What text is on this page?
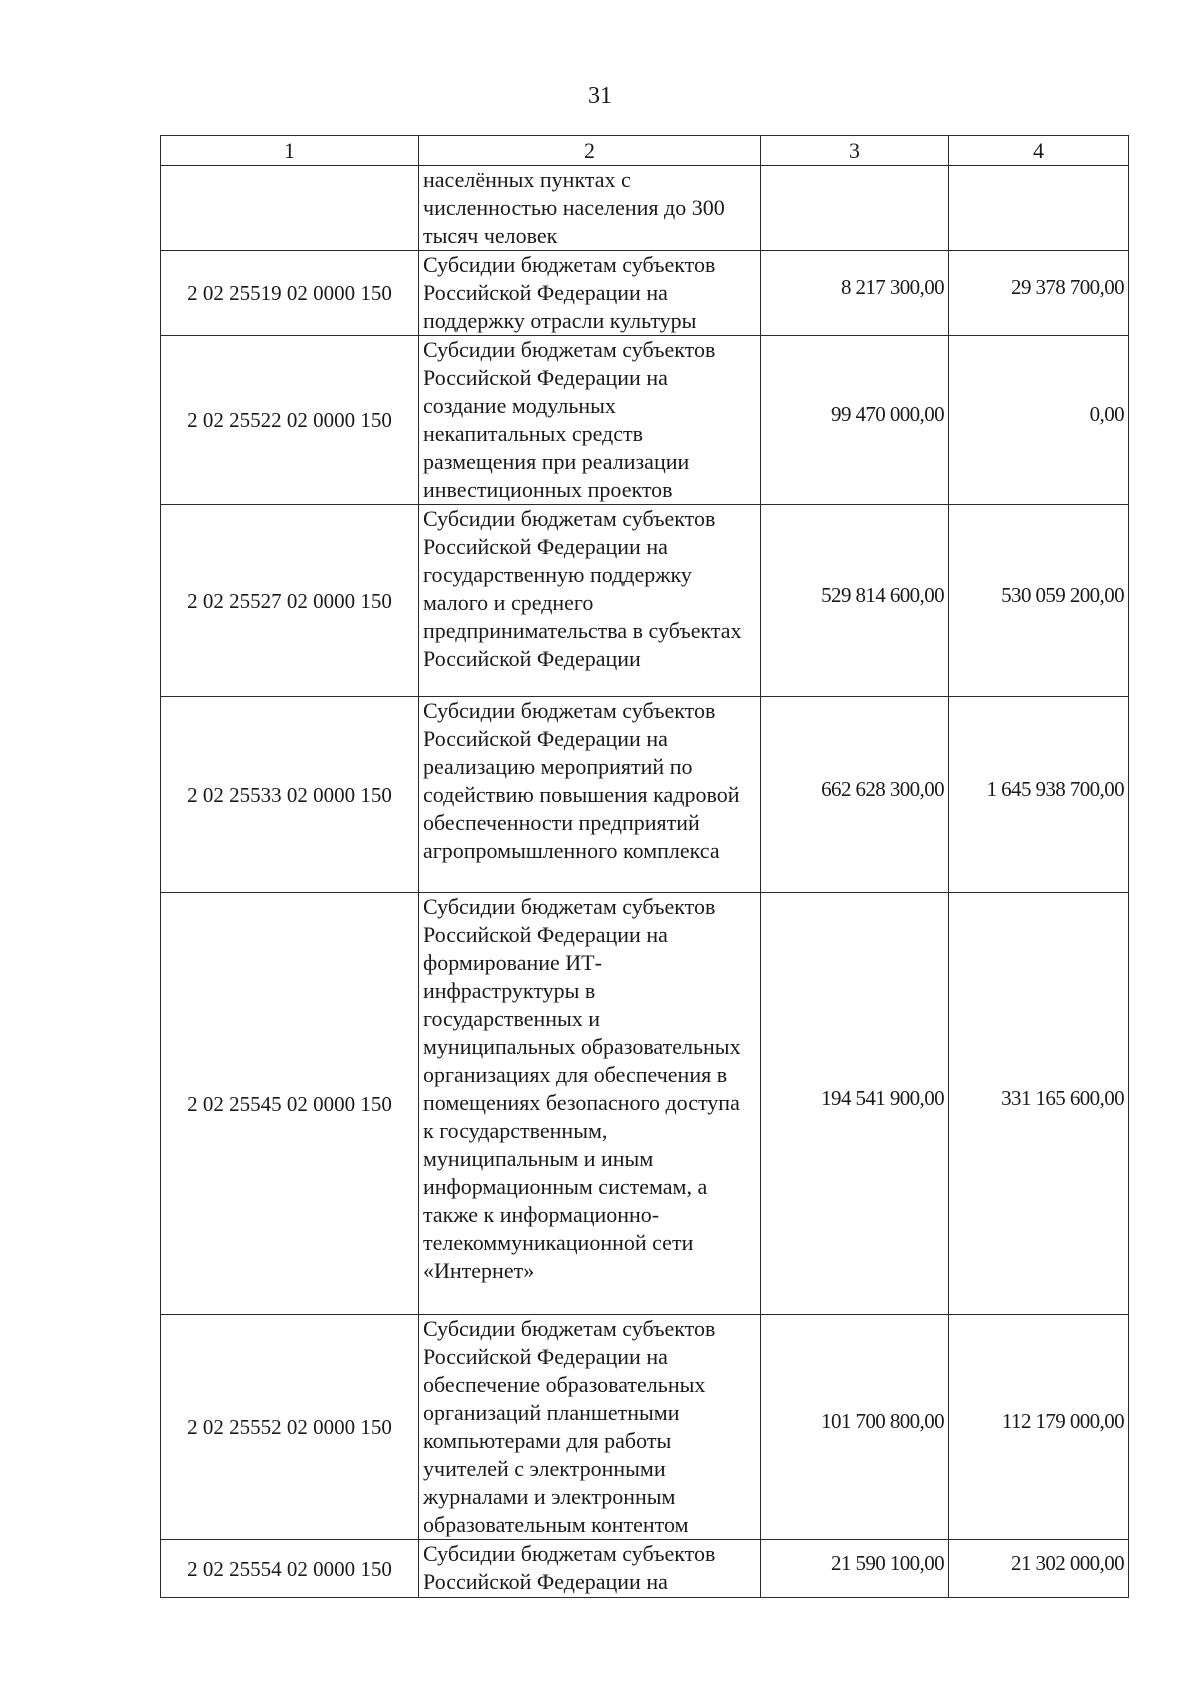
31
1	2	3	4
	населённых пунктах с численностью населения до 300 тысяч человек		
2 02 25519 02 0000 150	Субсидии бюджетам субъектов Российской Федерации на поддержку отрасли культуры	8 217 300,00	29 378 700,00
2 02 25522 02 0000 150	Субсидии бюджетам субъектов Российской Федерации на создание модульных некапитальных средств размещения при реализации инвестиционных проектов	99 470 000,00	0,00
2 02 25527 02 0000 150	Субсидии бюджетам субъектов Российской Федерации на государственную поддержку малого и среднего предпринимательства в субъектах Российской Федерации	529 814 600,00	530 059 200,00
2 02 25533 02 0000 150	Субсидии бюджетам субъектов Российской Федерации на реализацию мероприятий по содействию повышения кадровой обеспеченности предприятий агропромышленного комплекса	662 628 300,00	1 645 938 700,00
2 02 25545 02 0000 150	Субсидии бюджетам субъектов Российской Федерации на формирование ИТ-инфраструктуры в государственных и муниципальных образовательных организациях для обеспечения в помещениях безопасного доступа к государственным, муниципальным и иным информационным системам, а также к информационно-телекоммуникационной сети «Интернет»	194 541 900,00	331 165 600,00
2 02 25552 02 0000 150	Субсидии бюджетам субъектов Российской Федерации на обеспечение образовательных организаций планшетными компьютерами для работы учителей с электронными журналами и электронным образовательным контентом	101 700 800,00	112 179 000,00
2 02 25554 02 0000 150	Субсидии бюджетам субъектов Российской Федерации на	21 590 100,00	21 302 000,00
